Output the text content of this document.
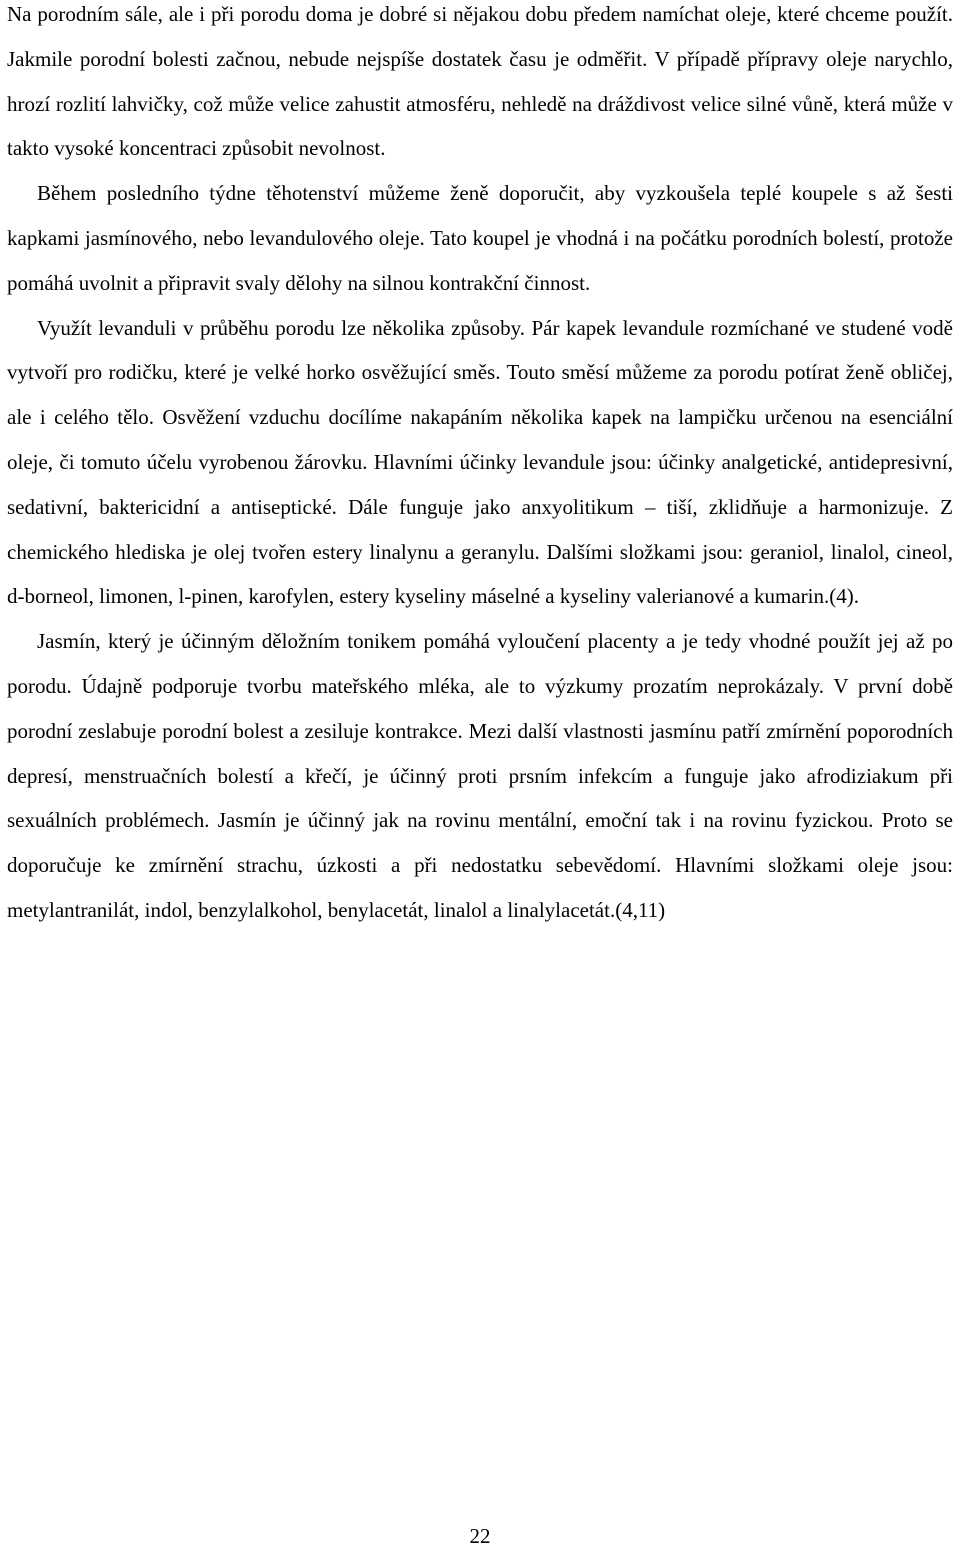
Na porodním sále, ale i při porodu doma je dobré si nějakou dobu předem namíchat oleje, které chceme použít. Jakmile porodní bolesti začnou, nebude nejspíše dostatek času je odměřit. V případě přípravy oleje narychlo, hrozí rozlití lahvičky, což může velice zahustit atmosféru, nehledě na dráždivost velice silné vůně, která může v takto vysoké koncentraci způsobit nevolnost.

Během posledního týdne těhotenství můžeme ženě doporučit, aby vyzkoušela teplé koupele s až šesti kapkami jasmínového, nebo levandulového oleje. Tato koupel je vhodná i na počátku porodních bolestí, protože pomáhá uvolnit a připravit svaly dělohy na silnou kontrakční činnost.

Využít levanduli v průběhu porodu lze několika způsoby. Pár kapek levandule rozmíchané ve studené vodě vytvoří pro rodičku, které je velké horko osvěžující směs. Touto směsí můžeme za porodu potírat ženě obličej, ale i celého tělo. Osvěžení vzduchu docílíme nakapáním několika kapek na lampičku určenou na esenciální oleje, či tomuto účelu vyrobenou žárovku. Hlavními účinky levandule jsou: účinky analgetické, antidepresivní, sedativní, baktericidní a antiseptické. Dále funguje jako anxyolitikum – tiší, zklidňuje a harmonizuje. Z chemického hlediska je olej tvořen estery linalynu a geranylu. Dalšími složkami jsou: geraniol, linalol, cineol, d-borneol, limonen, l-pinen, karofylen, estery kyseliny máselné a kyseliny valerianové a kumarin.(4).

Jasmín, který je účinným děložním tonikem pomáhá vyloučení placenty a je tedy vhodné použít jej až po porodu. Údajně podporuje tvorbu mateřského mléka, ale to výzkumy prozatím neprokázaly. V první době porodní zeslabuje porodní bolest a zesiluje kontrakce. Mezi další vlastnosti jasmínu patří zmírnění poporodních depresí, menstruačních bolestí a křečí, je účinný proti prsním infekcím a funguje jako afrodiziakum při sexuálních problémech. Jasmín je účinný jak na rovinu mentální, emoční tak i na rovinu fyzickou. Proto se doporučuje ke zmírnění strachu, úzkosti a při nedostatku sebevědomí. Hlavními složkami oleje jsou: metylantranilát, indol, benzylalkohol, benylacetát, linalol a linalylacetát.(4,11)

22
